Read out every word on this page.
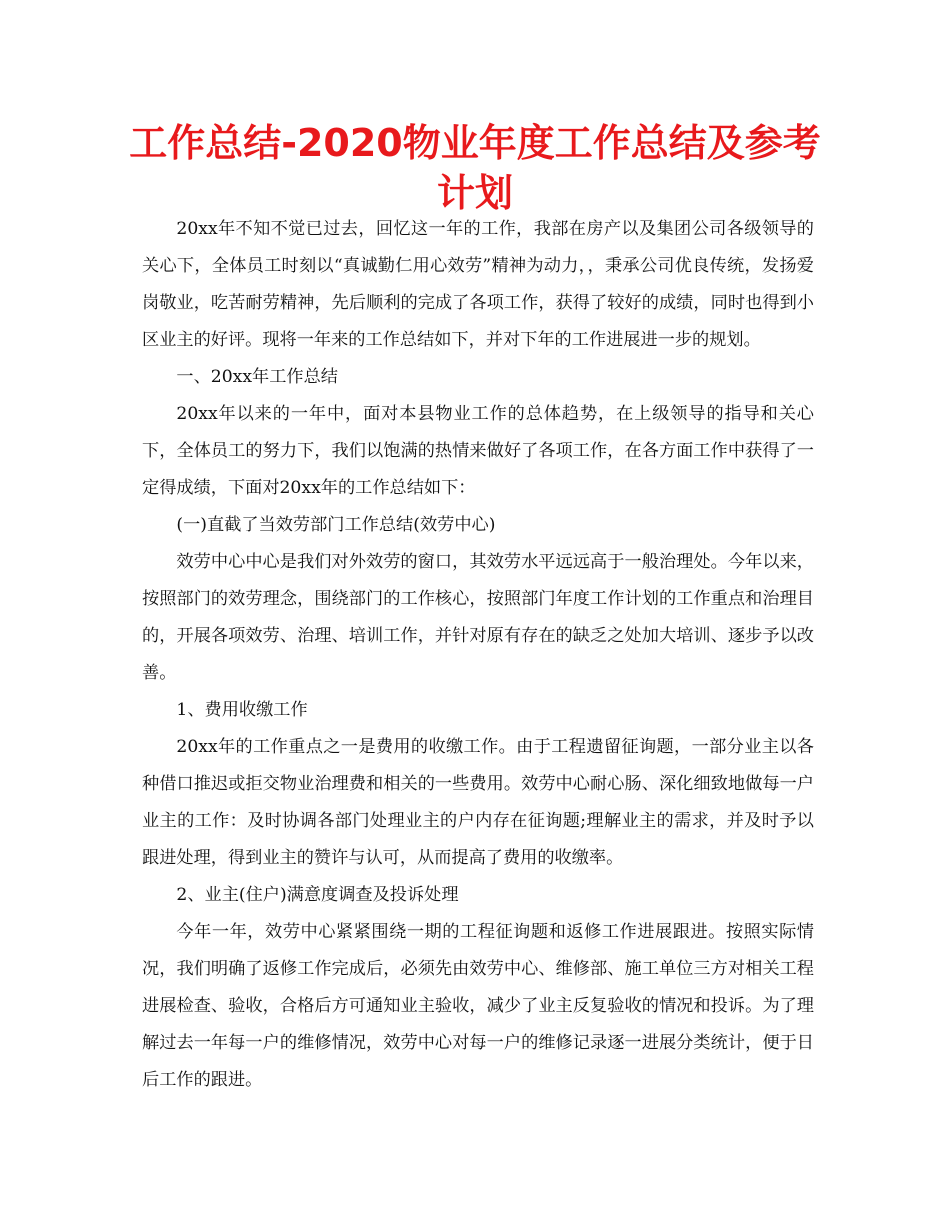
工作总结-2020物业年度工作总结及参考计划

20xx年不知不觉已过去，回忆这一年的工作，我部在房产以及集团公司各级领导的关心下，全体员工时刻以“真诚勤仁用心效劳”精神为动力，，秉承公司优良传统，发扬爱岗敬业，吃苦耐劳精神，先后顺利的完成了各项工作，获得了较好的成绩，同时也得到小区业主的好评。现将一年来的工作总结如下，并对下年的工作进展进一步的规划。

一、20xx年工作总结

20xx年以来的一年中，面对本县物业工作的总体趋势，在上级领导的指导和关心下，全体员工的努力下，我们以饱满的热情来做好了各项工作，在各方面工作中获得了一定得成绩，下面对20xx年的工作总结如下：

(一)直截了当效劳部门工作总结(效劳中心)

效劳中心中心是我们对外效劳的窗口，其效劳水平远远高于一般治理处。今年以来，按照部门的效劳理念，围绕部门的工作核心，按照部门年度工作计划的工作重点和治理目的，开展各项效劳、治理、培训工作，并针对原有存在的缺乏之处加大培训、逐步予以改善。

1、费用收缴工作

20xx年的工作重点之一是费用的收缴工作。由于工程遗留征询题，一部分业主以各种借口推迟或拒交物业治理费和相关的一些费用。效劳中心耐心肠、深化细致地做每一户业主的工作：及时协调各部门处理业主的户内存在征询题;理解业主的需求，并及时予以跟进处理，得到业主的赞许与认可，从而提高了费用的收缴率。

2、业主(住户)满意度调查及投诉处理

今年一年，效劳中心紧紧围绕一期的工程征询题和返修工作进展跟进。按照实际情况，我们明确了返修工作完成后，必须先由效劳中心、维修部、施工单位三方对相关工程进展检查、验收，合格后方可通知业主验收，减少了业主反复验收的情况和投诉。为了理解过去一年每一户的维修情况，效劳中心对每一户的维修记录逐一进展分类统计，便于日后工作的跟进。
